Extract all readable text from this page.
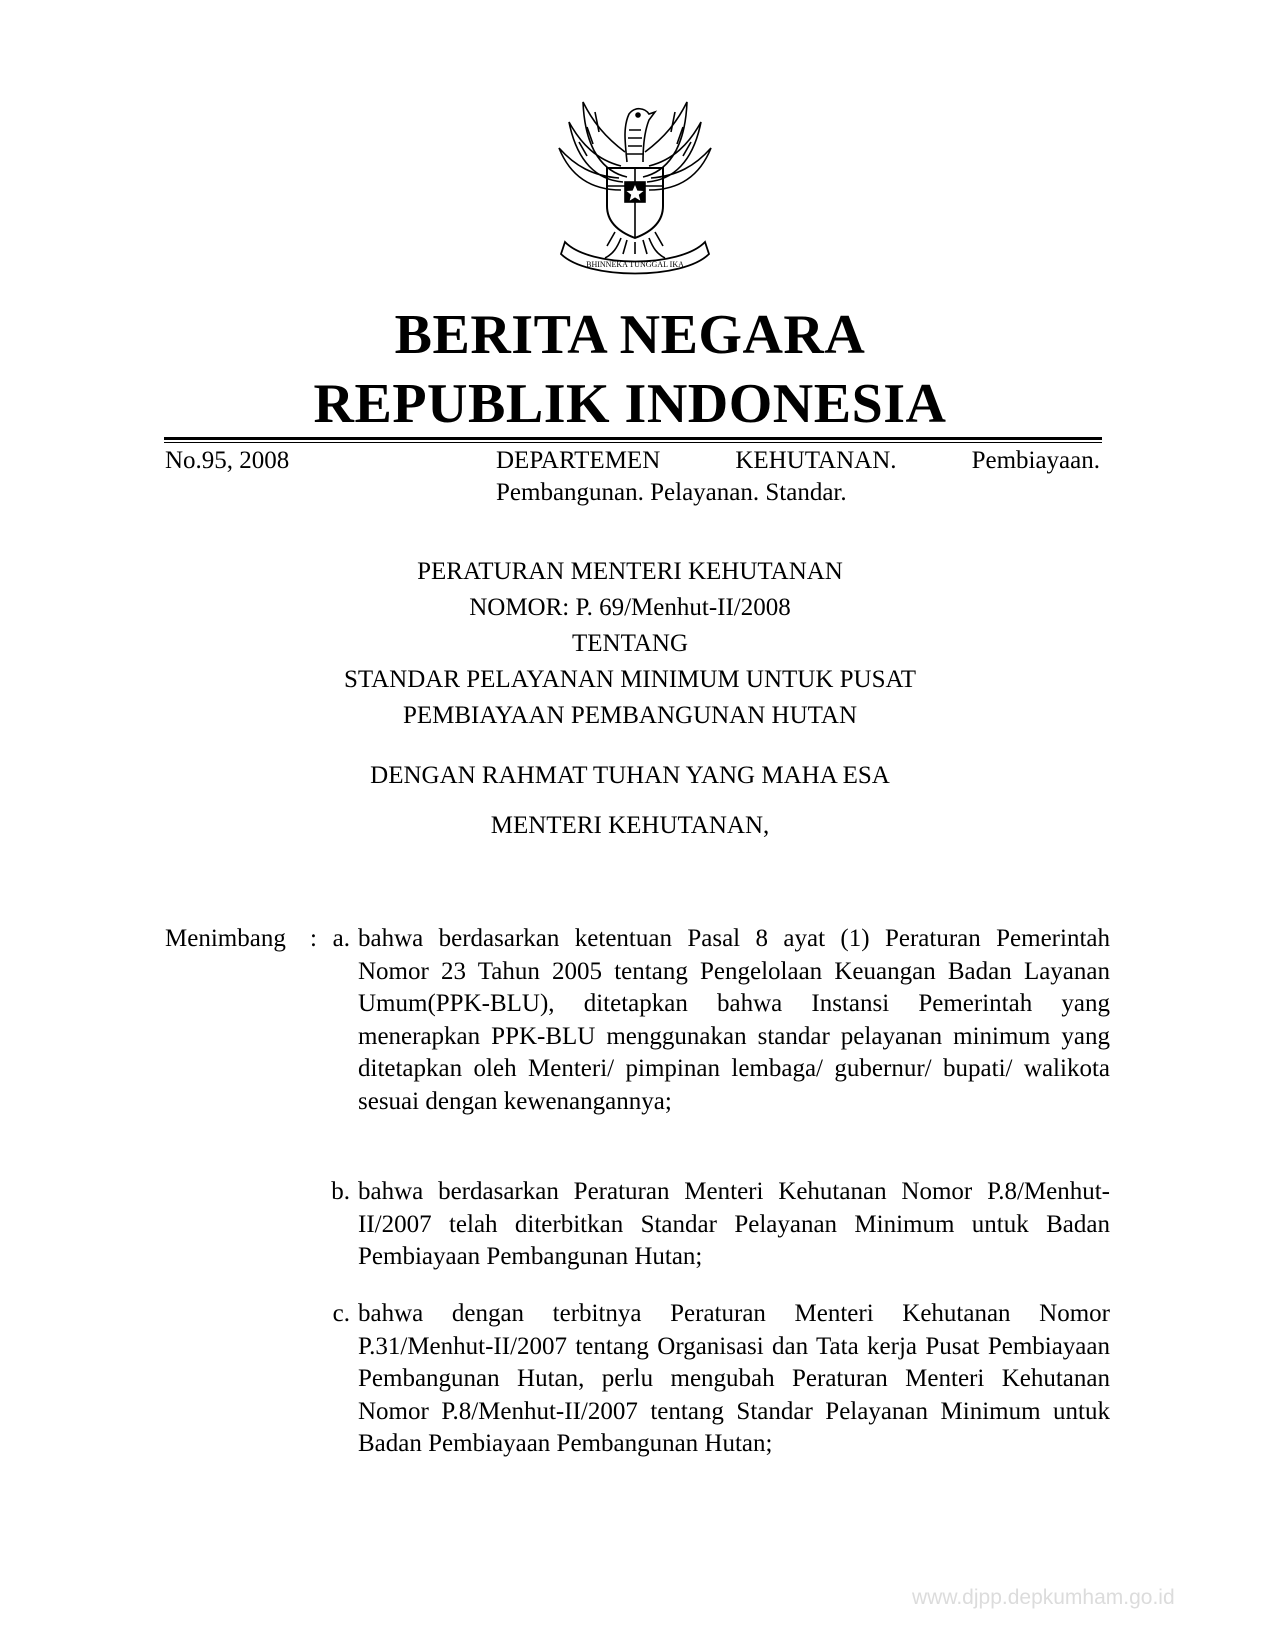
BHINNEKA TUNGGAL IKA
BERITA NEGARA
REPUBLIK INDONESIA
No.95, 2008	DEPARTEMEN KEHUTANAN. Pembiayaan. Pembangunan. Pelayanan. Standar.
PERATURAN MENTERI KEHUTANAN
NOMOR: P. 69/Menhut-II/2008
TENTANG
STANDAR PELAYANAN MINIMUM UNTUK PUSAT
PEMBIAYAAN PEMBANGUNAN HUTAN
DENGAN RAHMAT TUHAN YANG MAHA ESA
MENTERI KEHUTANAN,
Menimbang : a. bahwa berdasarkan ketentuan Pasal 8 ayat (1) Peraturan Pemerintah Nomor 23 Tahun 2005 tentang Pengelolaan Keuangan Badan Layanan Umum(PPK-BLU), ditetapkan bahwa Instansi Pemerintah yang menerapkan PPK-BLU menggunakan standar pelayanan minimum yang ditetapkan oleh Menteri/ pimpinan lembaga/ gubernur/ bupati/ walikota sesuai dengan kewenangannya;
b. bahwa berdasarkan Peraturan Menteri Kehutanan Nomor P.8/Menhut-II/2007 telah diterbitkan Standar Pelayanan Minimum untuk Badan Pembiayaan Pembangunan Hutan;
c. bahwa dengan terbitnya Peraturan Menteri Kehutanan Nomor P.31/Menhut-II/2007 tentang Organisasi dan Tata kerja Pusat Pembiayaan Pembangunan Hutan, perlu mengubah Peraturan Menteri Kehutanan Nomor P.8/Menhut-II/2007 tentang Standar Pelayanan Minimum untuk Badan Pembiayaan Pembangunan Hutan;
www.djpp.depkumham.go.id
